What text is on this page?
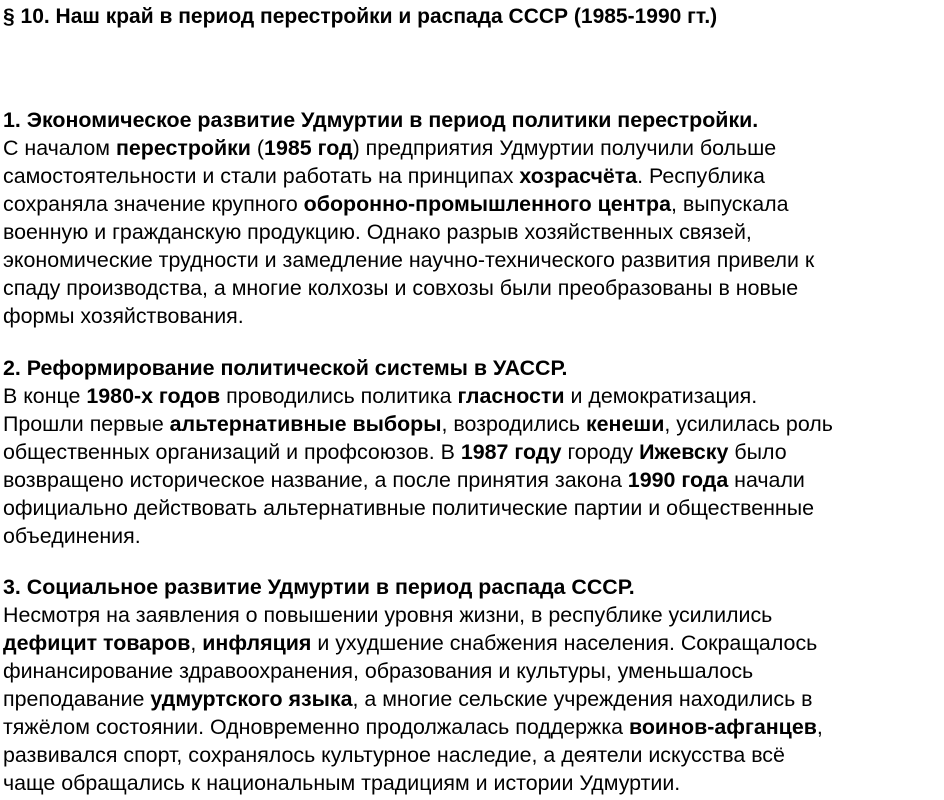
§ 10. Наш край в период перестройки и распада СССР (1985-1990 гт.)
1. Экономическое развитие Удмуртии в период политики перестройки.
С началом перестройки (1985 год) предприятия Удмуртии получили больше
самостоятельности и стали работать на принципах хозрасчёта. Республика
сохраняла значение крупного оборонно-промышленного центра, выпускала
военную и гражданскую продукцию. Однако разрыв хозяйственных связей,
экономические трудности и замедление научно-технического развития привели к
спаду производства, а многие колхозы и совхозы были преобразованы в новые
формы хозяйствования.
2. Реформирование политической системы в УАССР.
В конце 1980-х годов проводились политика гласности и демократизация.
Прошли первые альтернативные выборы, возродились кенеши, усилилась роль
общественных организаций и профсоюзов. В 1987 году городу Ижевску было
возвращено историческое название, а после принятия закона 1990 года начали
официально действовать альтернативные политические партии и общественные
объединения.
3. Социальное развитие Удмуртии в период распада СССР.
Несмотря на заявления о повышении уровня жизни, в республике усилились
дефицит товаров, инфляция и ухудшение снабжения населения. Сокращалось
финансирование здравоохранения, образования и культуры, уменьшалось
преподавание удмуртского языка, а многие сельские учреждения находились в
тяжёлом состоянии. Одновременно продолжалась поддержка воинов-афганцев,
развивался спорт, сохранялось культурное наследие, а деятели искусства всё
чаще обращались к национальным традициям и истории Удмуртии.
